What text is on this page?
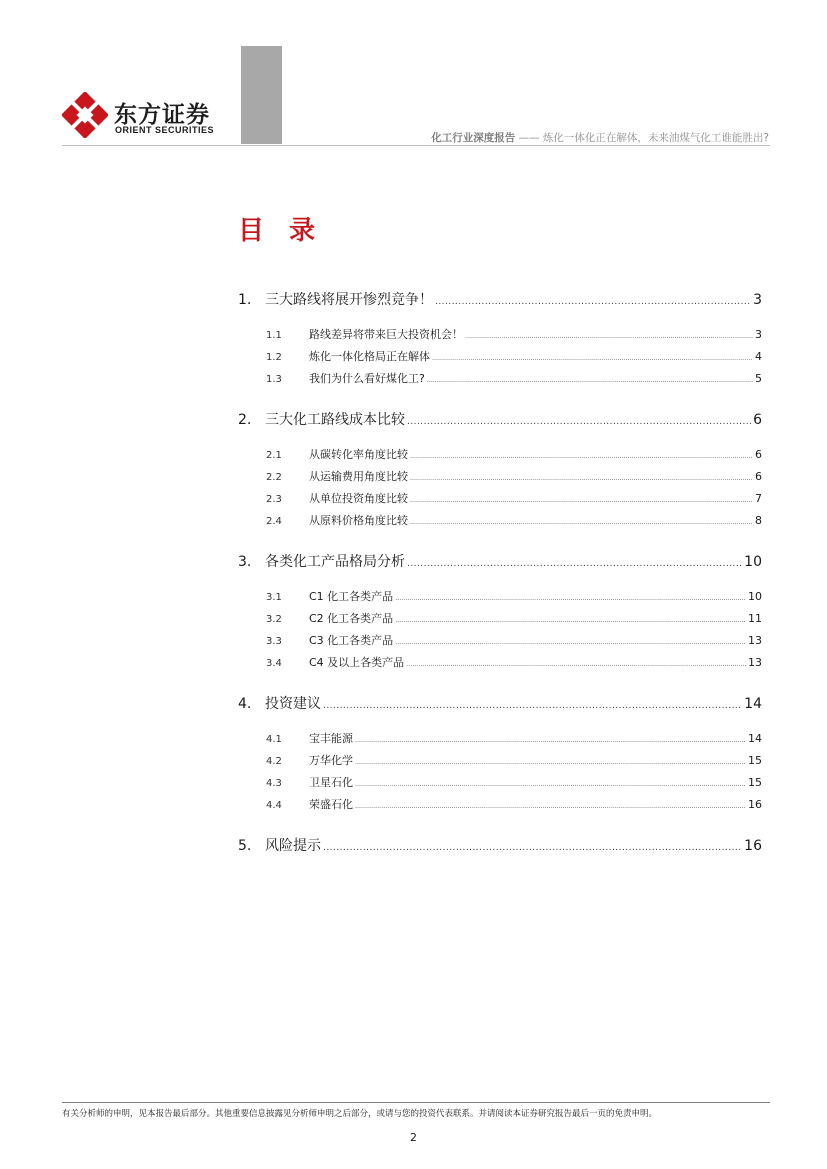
东方证券
ORIENT SECURITIES
化工行业深度报告 —— 炼化一体化正在解体，未来油煤气化工谁能胜出?
目 录
1. 三大路线将展开惨烈竞争！ . . .	3
1.1	路线差异将带来巨大投资机会！ . . .	3
1.2	炼化一体化格局正在解体 . . .	4
1.3	我们为什么看好煤化工? . . .	5
2. 三大化工路线成本比较 . . .	6
2.1	从碳转化率角度比较 . . .	6
2.2	从运输费用角度比较 . . .	6
2.3	从单位投资角度比较 . . .	7
2.4	从原料价格角度比较 . . .	8
3. 各类化工产品格局分析 . . .	10
3.1	C1 化工各类产品 . . .	10
3.2	C2 化工各类产品 . . .	11
3.3	C3 化工各类产品 . . .	13
3.4	C4 及以上各类产品 . . .	13
4. 投资建议 . . .	14
4.1	宝丰能源 . . .	14
4.2	万华化学 . . .	15
4.3	卫星石化 . . .	15
4.4	荣盛石化 . . .	16
5. 风险提示 . . .	16
有关分析师的申明，见本报告最后部分。其他重要信息披露见分析师申明之后部分，或请与您的投资代表联系。并请阅读本证券研究报告最后一页的免责申明。
2
